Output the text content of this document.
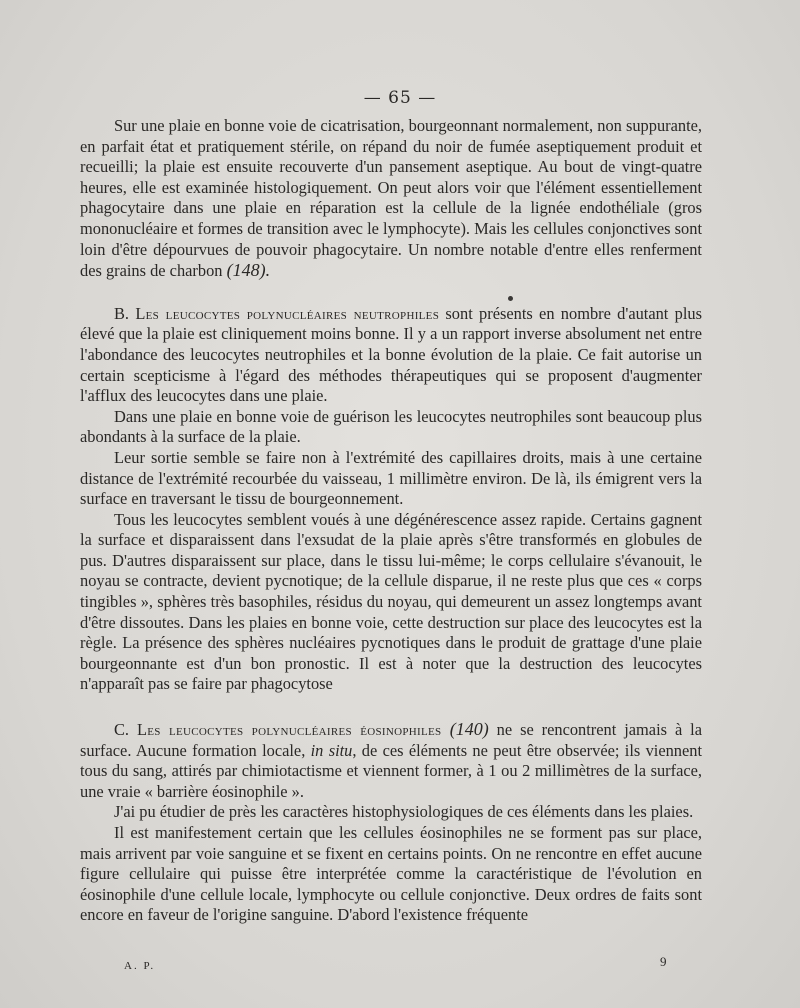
— 65 —

Sur une plaie en bonne voie de cicatrisation, bourgeonnant normalement, non suppurante, en parfait état et pratiquement stérile, on répand du noir de fumée aseptiquement produit et recueilli; la plaie est ensuite recouverte d'un pansement aseptique. Au bout de vingt-quatre heures, elle est examinée histologiquement. On peut alors voir que l'élément essentiellement phagocytaire dans une plaie en réparation est la cellule de la lignée endothéliale (gros mononucléaire et formes de transition avec le lymphocyte). Mais les cellules conjonctives sont loin d'être dépourvues de pouvoir phagocytaire. Un nombre notable d'entre elles renferment des grains de charbon (148).

B. Les leucocytes polynucléaires neutrophiles sont présents en nombre d'autant plus élevé que la plaie est cliniquement moins bonne. Il y a un rapport inverse absolument net entre l'abondance des leucocytes neutrophiles et la bonne évolution de la plaie. Ce fait autorise un certain scepticisme à l'égard des méthodes thérapeutiques qui se proposent d'augmenter l'afflux des leucocytes dans une plaie.

Dans une plaie en bonne voie de guérison les leucocytes neutrophiles sont beaucoup plus abondants à la surface de la plaie.

Leur sortie semble se faire non à l'extrémité des capillaires droits, mais à une certaine distance de l'extrémité recourbée du vaisseau, 1 millimètre environ. De là, ils émigrent vers la surface en traversant le tissu de bourgeonnement.

Tous les leucocytes semblent voués à une dégénérescence assez rapide. Certains gagnent la surface et disparaissent dans l'exsudat de la plaie après s'être transformés en globules de pus. D'autres disparaissent sur place, dans le tissu lui-même; le corps cellulaire s'évanouit, le noyau se contracte, devient pycnotique; de la cellule disparue, il ne reste plus que ces « corps tingibles », sphères très basophiles, résidus du noyau, qui demeurent un assez longtemps avant d'être dissoutes. Dans les plaies en bonne voie, cette destruction sur place des leucocytes est la règle. La présence des sphères nucléaires pycnotiques dans le produit de grattage d'une plaie bourgeonnante est d'un bon pronostic. Il est à noter que la destruction des leucocytes n'apparaît pas se faire par phagocytose

C. Les leucocytes polynucléaires éosinophiles (140) ne se rencontrent jamais à la surface. Aucune formation locale, in situ, de ces éléments ne peut être observée; ils viennent tous du sang, attirés par chimiotactisme et viennent former, à 1 ou 2 millimètres de la surface, une vraie « barrière éosinophile ».

J'ai pu étudier de près les caractères histophysiologiques de ces éléments dans les plaies.

Il est manifestement certain que les cellules éosinophiles ne se forment pas sur place, mais arrivent par voie sanguine et se fixent en certains points. On ne rencontre en effet aucune figure cellulaire qui puisse être interprétée comme la caractéristique de l'évolution en éosinophile d'une cellule locale, lymphocyte ou cellule conjonctive. Deux ordres de faits sont encore en faveur de l'origine sanguine. D'abord l'existence fréquente

A. P.	9
